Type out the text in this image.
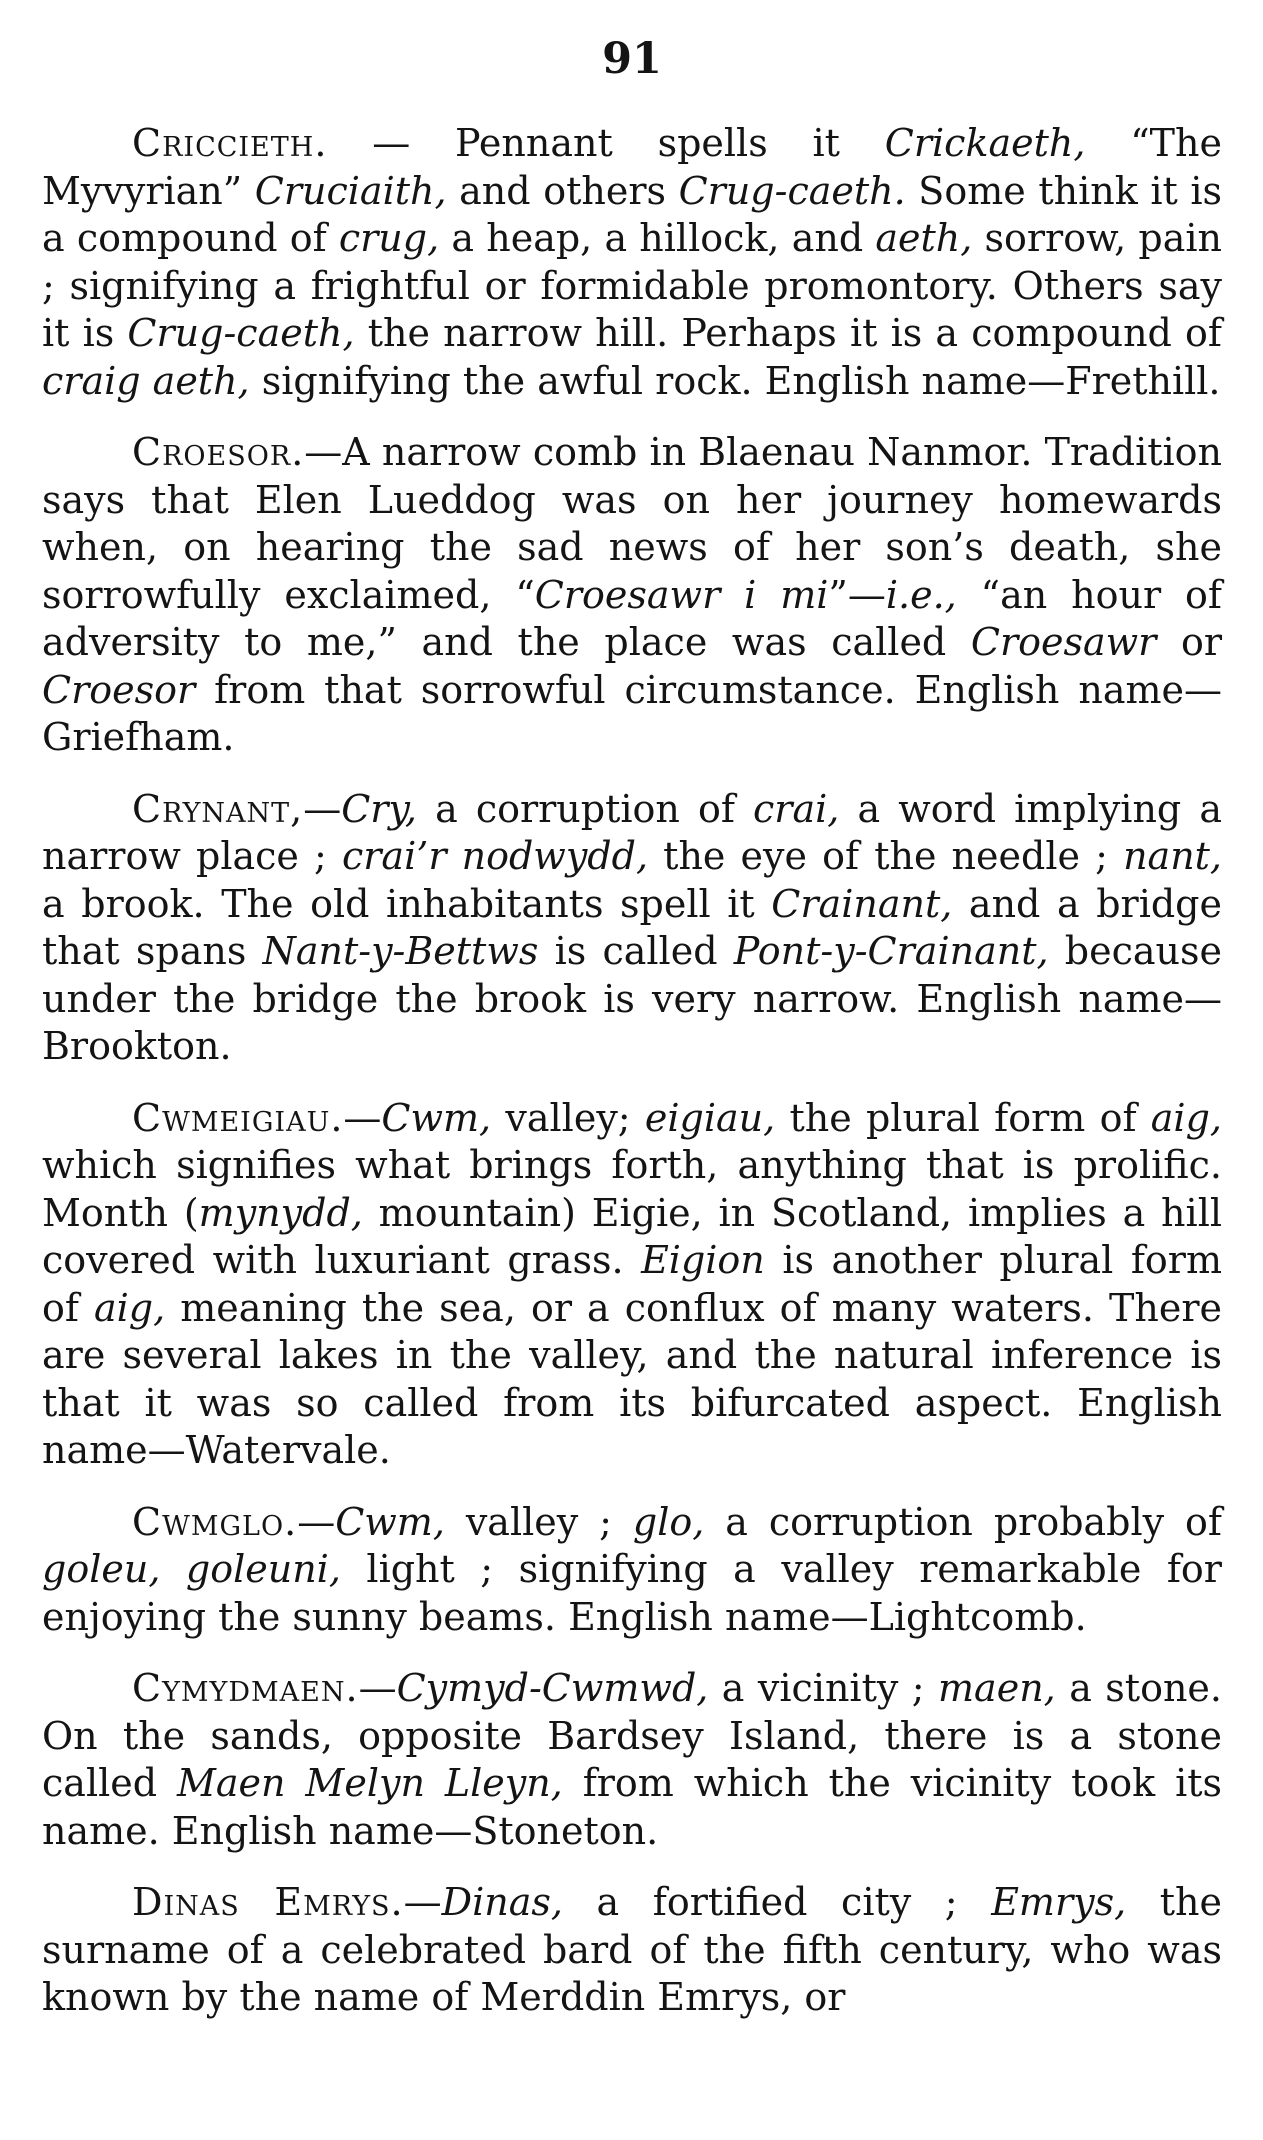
91

Criccieth. — Pennant spells it Crickaeth, “The Myvyrian” Cruciaith, and others Crug-caeth. Some think it is a compound of crug, a heap, a hillock, and aeth, sorrow, pain ; signifying a frightful or formidable promontory. Others say it is Crug-caeth, the narrow hill. Perhaps it is a compound of craig aeth, signifying the awful rock. English name—Frethill.

Croesor.—A narrow comb in Blaenau Nanmor. Tradition says that Elen Lueddog was on her journey homewards when, on hearing the sad news of her son’s death, she sorrowfully exclaimed, “Croesawr i mi”—i.e., “an hour of adversity to me,” and the place was called Croesawr or Croesor from that sorrowful circumstance. English name—Griefham.

Crynant,—Cry, a corruption of crai, a word implying a narrow place ; crai’r nodwydd, the eye of the needle ; nant, a brook. The old inhabitants spell it Crainant, and a bridge that spans Nant-y-Bettws is called Pont-y-Crainant, because under the bridge the brook is very narrow. English name—Brookton.

Cwmeigiau.—Cwm, valley; eigiau, the plural form of aig, which signifies what brings forth, anything that is prolific. Month (mynydd, mountain) Eigie, in Scotland, implies a hill covered with luxuriant grass. Eigion is another plural form of aig, meaning the sea, or a conflux of many waters. There are several lakes in the valley, and the natural inference is that it was so called from its bifurcated aspect. English name—Watervale.

Cwmglo.—Cwm, valley ; glo, a corruption probably of goleu, goleuni, light ; signifying a valley remarkable for enjoying the sunny beams. English name—Lightcomb.

Cymydmaen.—Cymyd-Cwmwd, a vicinity ; maen, a stone. On the sands, opposite Bardsey Island, there is a stone called Maen Melyn Lleyn, from which the vicinity took its name. English name—Stoneton.

Dinas Emrys.—Dinas, a fortified city ; Emrys, the surname of a celebrated bard of the fifth century, who was known by the name of Merddin Emrys, or
